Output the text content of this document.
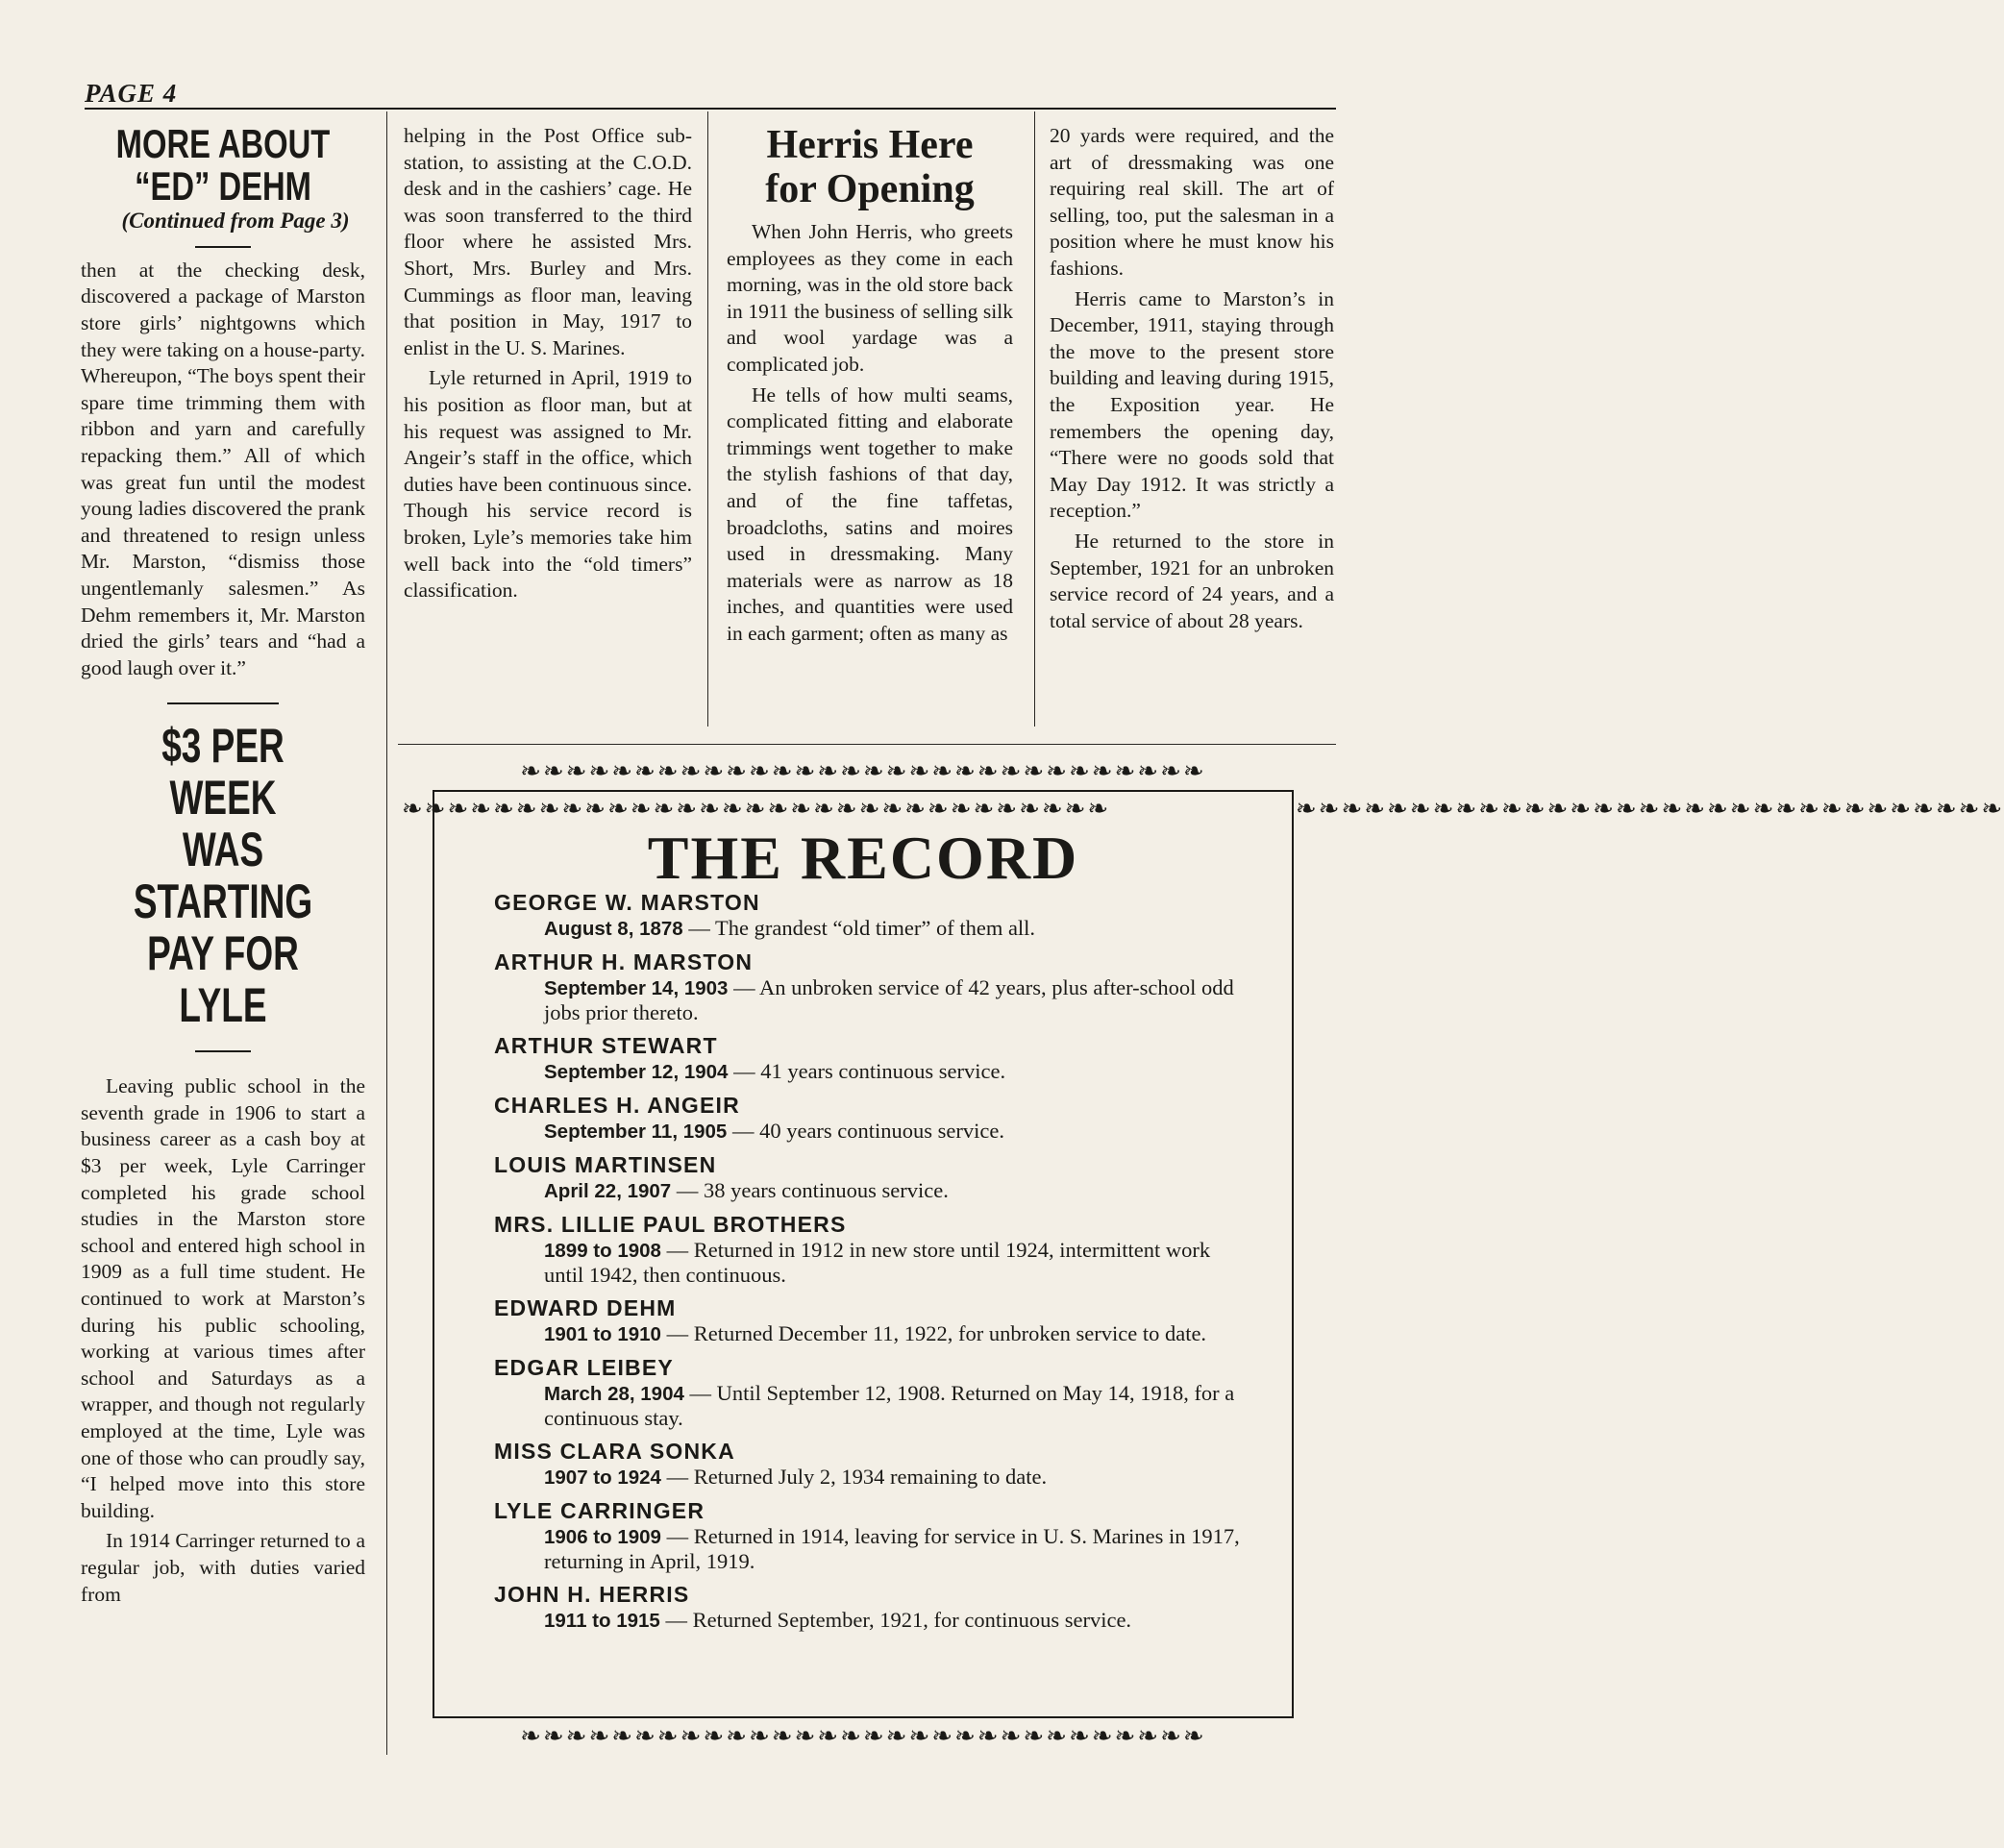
PAGE 4
MORE ABOUT
“ED” DEHM

(Continued from Page 3)

then at the checking desk, discovered a package of Marston store girls’ nightgowns which they were taking on a house-party. Whereupon, “The boys spent their spare time trimming them with ribbon and yarn and carefully repacking them.” All of which was great fun until the modest young ladies discovered the prank and threatened to resign unless Mr. Marston, “dismiss those ungentlemanly salesmen.” As Dehm remembers it, Mr. Marston dried the girls’ tears and “had a good laugh over it.”

$3 PER WEEK
WAS STARTING
PAY FOR LYLE

Leaving public school in the seventh grade in 1906 to start a business career as a cash boy at $3 per week, Lyle Carringer completed his grade school studies in the Marston store school and entered high school in 1909 as a full time student. He continued to work at Marston’s during his public schooling, working at various times after school and Saturdays as a wrapper, and though not regularly employed at the time, Lyle was one of those who can proudly say, “I helped move into this store building.

In 1914 Carringer returned to a regular job, with duties varied from

helping in the Post Office sub-station, to assisting at the C.O.D. desk and in the cashiers’ cage. He was soon transferred to the third floor where he assisted Mrs. Short, Mrs. Burley and Mrs. Cummings as floor man, leaving that position in May, 1917 to enlist in the U. S. Marines.

Lyle returned in April, 1919 to his position as floor man, but at his request was assigned to Mr. Angeir’s staff in the office, which duties have been continuous since. Though his service record is broken, Lyle’s memories take him well back into the “old timers” classification.

Herris Here
for Opening

When John Herris, who greets employees as they come in each morning, was in the old store back in 1911 the business of selling silk and wool yardage was a complicated job.

He tells of how multi seams, complicated fitting and elaborate trimmings went together to make the stylish fashions of that day, and of the fine taffetas, broadcloths, satins and moires used in dressmaking. Many materials were as narrow as 18 inches, and quantities were used in each garment; often as many as

20 yards were required, and the art of dressmaking was one requiring real skill. The art of selling, too, put the salesman in a position where he must know his fashions.

Herris came to Marston’s in December, 1911, staying through the move to the present store building and leaving during 1915, the Exposition year. He remembers the opening day, “There were no goods sold that May Day 1912. It was strictly a reception.”

He returned to the store in September, 1921 for an unbroken service record of 24 years, and a total service of about 28 years.

❧❧❧❧❧❧❧❧❧❧❧❧❧❧❧❧❧❧❧❧❧❧❧❧❧❧❧❧❧❧
❧❧❧❧❧❧❧❧❧❧❧❧❧❧❧❧❧❧❧❧❧❧❧❧❧❧❧❧❧❧
❧❧❧❧❧❧❧❧❧❧❧❧❧❧❧❧❧❧❧❧❧❧❧❧❧❧❧❧❧❧❧	❧❧❧❧❧❧❧❧❧❧❧❧❧❧❧❧❧❧❧❧❧❧❧❧❧❧❧❧❧❧❧
THE RECORD
GEORGE W. MARSTON
August 8, 1878 — The grandest “old timer” of them all.
ARTHUR H. MARSTON
September 14, 1903 — An unbroken service of 42 years, plus after-school odd jobs prior thereto.
ARTHUR STEWART
September 12, 1904 — 41 years continuous service.
CHARLES H. ANGEIR
September 11, 1905 — 40 years continuous service.
LOUIS MARTINSEN
April 22, 1907 — 38 years continuous service.
MRS. LILLIE PAUL BROTHERS
1899 to 1908 — Returned in 1912 in new store until 1924, intermittent work until 1942, then continuous.
EDWARD DEHM
1901 to 1910 — Returned December 11, 1922, for unbroken service to date.
EDGAR LEIBEY
March 28, 1904 — Until September 12, 1908. Returned on May 14, 1918, for a continuous stay.
MISS CLARA SONKA
1907 to 1924 — Returned July 2, 1934 remaining to date.
LYLE CARRINGER
1906 to 1909 — Returned in 1914, leaving for service in U. S. Marines in 1917, returning in April, 1919.
JOHN H. HERRIS
1911 to 1915 — Returned September, 1921, for continuous service.
